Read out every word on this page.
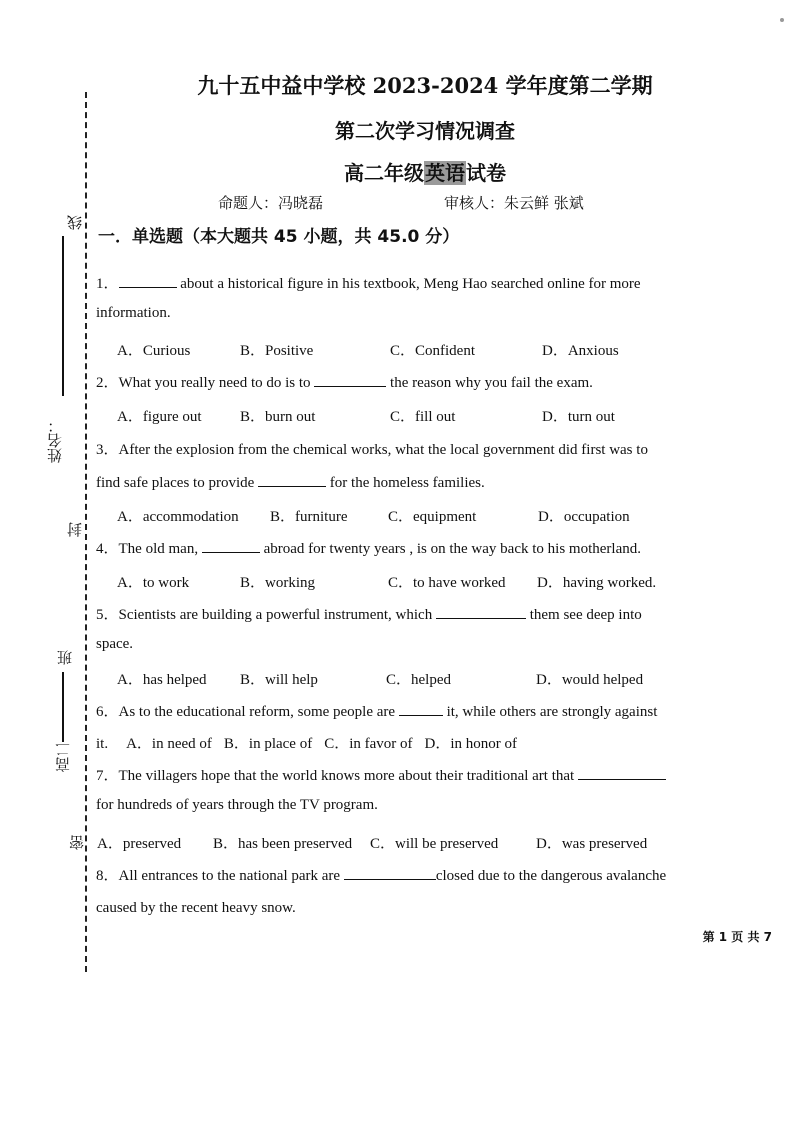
线
姓名：
封
班
高二
密
九十五中益中学校 2023-2024 学年度第二学期
第二次学习情况调查
高二年级英语试卷
命题人：冯晓磊	审核人：朱云鲜 张斌
一．单选题（本大题共 45 小题，共 45.0 分）
1．	about a historical figure in his textbook, Meng Hao searched online for more
information.
A．Curious	B．Positive	C．Confident	D．Anxious
2．What you really need to do is to	the reason why you fail the exam.
A．figure out	B．burn out	C．fill out	D．turn out
3．After the explosion from the chemical works, what the local government did first was to
find safe places to provide	for the homeless families.
A．accommodation B．furniture	C．equipment	D．occupation
4．The old man,	abroad for twenty years , is on the way back to his motherland.
A．to work	B．working	C．to have worked D．having worked.
5．Scientists are building a powerful instrument, which	them see deep into
space.
A．has helped B．will help	C．helped	D．would helped
6．As to the educational reform, some people are	it, while others are strongly against
it. A．in need of B．in place of C．in favor of D．in honor of
7．The villagers hope that the world knows more about their traditional art that
for hundreds of years through the TV program.
A．preserved B．has been preserved C．will be preserved	D．was preserved
8．All entrances to the national park are	closed due to the dangerous avalanche
caused by the recent heavy snow.
第 1 页 共 7
